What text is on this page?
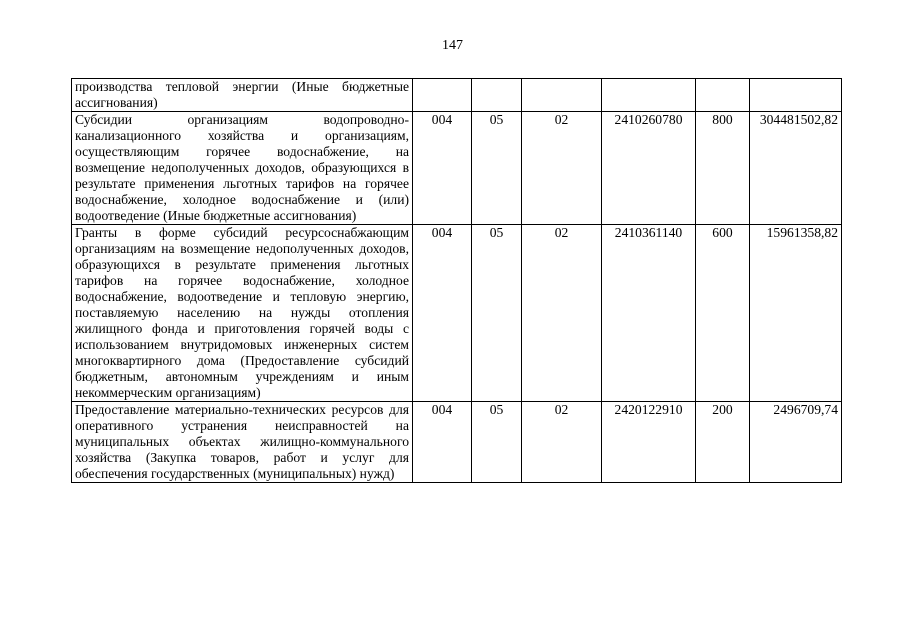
147
производства тепловой энергии (Иные бюджетные ассигнования)						
Субсидии организациям водопроводно-канализационного хозяйства и организациям, осуществляющим горячее водоснабжение, на возмещение недополученных доходов, образующихся в результате применения льготных тарифов на горячее водоснабжение, холодное водоснабжение и (или) водоотведение (Иные бюджетные ассигнования)	004	05	02	2410260780	800	304481502,82
Гранты в форме субсидий ресурсоснабжающим организациям на возмещение недополученных доходов, образующихся в результате применения льготных тарифов на горячее водоснабжение, холодное водоснабжение, водоотведение и тепловую энергию, поставляемую населению на нужды отопления жилищного фонда и приготовления горячей воды с использованием внутридомовых инженерных систем многоквартирного дома (Предоставление субсидий бюджетным, автономным учреждениям и иным некоммерческим организациям)	004	05	02	2410361140	600	15961358,82
Предоставление материально-технических ресурсов для оперативного устранения неисправностей на муниципальных объектах жилищно-коммунального хозяйства (Закупка товаров, работ и услуг для обеспечения государственных (муниципальных) нужд)	004	05	02	2420122910	200	2496709,74
